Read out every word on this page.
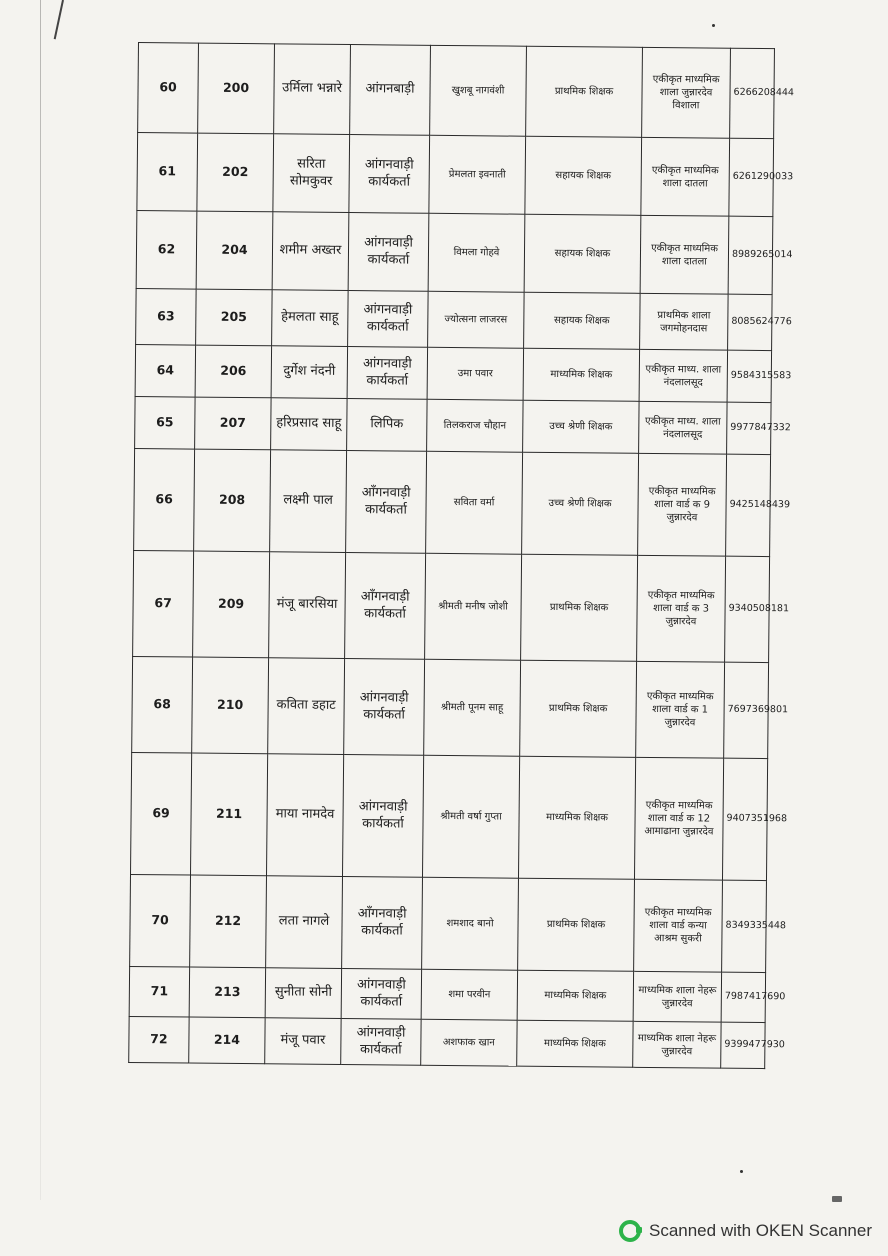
60	200	उर्मिला भन्नारे	आंगनबाड़ी	खुशबू नागवंशी	प्राथमिक शिक्षक	एकीकृत माध्यमिक शाला जुन्नारदेव विशाला	6266208444
61	202	सरिता सोमकुवर	आंगनवाड़ी कार्यकर्ता	प्रेमलता इवनाती	सहायक शिक्षक	एकीकृत माध्यमिक शाला दातला	6261290033
62	204	शमीम अख्तर	आंगनवाड़ी कार्यकर्ता	विमला गोहवे	सहायक शिक्षक	एकीकृत माध्यमिक शाला दातला	8989265014
63	205	हेमलता साहू	आंगनवाड़ी कार्यकर्ता	ज्योत्सना लाजरस	सहायक शिक्षक	प्राथमिक शाला जगमोहनदास	8085624776
64	206	दुर्गेश नंदनी	आंगनवाड़ी कार्यकर्ता	उमा पवार	माध्यमिक शिक्षक	एकीकृत माध्य. शाला नंदलालसूद	9584315583
65	207	हरिप्रसाद साहू	लिपिक	तिलकराज चौहान	उच्च श्रेणी शिक्षक	एकीकृत माध्य. शाला नंदलालसूद	9977847332
66	208	लक्ष्मी पाल	आँगनवाड़ी कार्यकर्ता	सविता वर्मा	उच्च श्रेणी शिक्षक	एकीकृत माध्यमिक शाला वार्ड क 9 जुन्नारदेव	9425148439
67	209	मंजू बारसिया	आँगनवाड़ी कार्यकर्ता	श्रीमती मनीष जोशी	प्राथमिक शिक्षक	एकीकृत माध्यमिक शाला वार्ड क 3 जुन्नारदेव	9340508181
68	210	कविता डहाट	आंगनवाड़ी कार्यकर्ता	श्रीमती पूनम साहू	प्राथमिक शिक्षक	एकीकृत माध्यमिक शाला वार्ड क 1 जुन्नारदेव	7697369801
69	211	माया नामदेव	आंगनवाड़ी कार्यकर्ता	श्रीमती वर्षा गुप्ता	माध्यमिक शिक्षक	एकीकृत माध्यमिक शाला वार्ड क 12 आमाढाना जुन्नारदेव	9407351968
70	212	लता नागले	आँगनवाड़ी कार्यकर्ता	शमशाद बानो	प्राथमिक शिक्षक	एकीकृत माध्यमिक शाला वार्ड कन्या आश्रम सुकरी	8349335448
71	213	सुनीता सोनी	आंगनवाड़ी कार्यकर्ता	शमा परवीन	माध्यमिक शिक्षक	माध्यमिक शाला नेहरू जुन्नारदेव	7987417690
72	214	मंजू पवार	आंगनवाड़ी कार्यकर्ता	अशफाक खान	माध्यमिक शिक्षक	माध्यमिक शाला नेहरू जुन्नारदेव	9399477930
Scanned with OKEN Scanner
